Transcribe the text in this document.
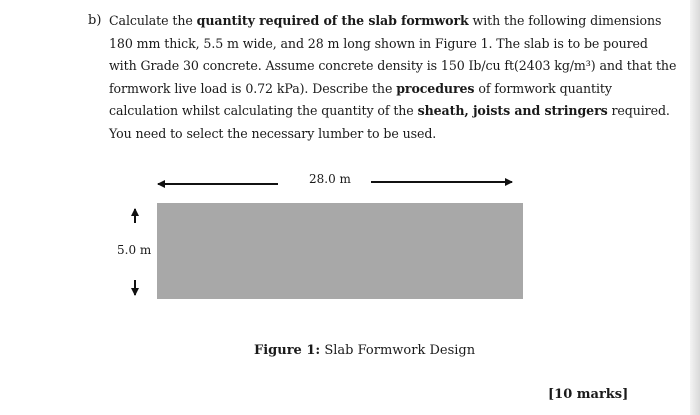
b) Calculate the quantity required of the slab formwork with the following dimensions
180 mm thick, 5.5 m wide, and 28 m long shown in Figure 1. The slab is to be poured
with Grade 30 concrete. Assume concrete density is 150 Ib/cu ft(2403 kg/m³) and that the
formwork live load is 0.72 kPa). Describe the procedures of formwork quantity
calculation whilst calculating the quantity of the sheath, joists and stringers required.
You need to select the necessary lumber to be used.
28.0 m
5.0 m
Figure 1: Slab Formwork Design
[10 marks]
